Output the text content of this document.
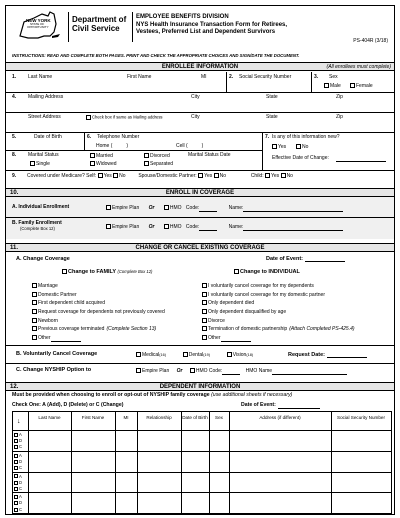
NEW YORK
STATE OF
OPPORTUNITY
Department of
Civil Service
EMPLOYEE BENEFITS DIVISION
NYS Health Insurance Transaction Form for Retirees,
Vestees, Preferred List and Dependent Survivors
PS-404R (3/18)
INSTRUCTIONS: READ AND COMPLETE BOTH PAGES. PRINT AND CHECK THE APPROPRIATE CHOICES AND SIGN/DATE THE DOCUMENT.
ENROLLEE INFORMATION	(All enrollees must complete)
1. Last Name	First Name	MI	2. Social Security Number	3. Sex
Male	Female
4. Mailing Address	City	State	Zip
Street Address	Check box if same as Mailing address	City	State	Zip
5.	Date of Birth	6. Telephone Number
Home (	)	Cell (	)
7. Is any of this information new?
Yes	No
Effective Date of Change:
8. Marital Status
Single
Married
Widowed
Divorced
Separated
Marital Status Date
9. Covered under Medicare? Self: Yes No	Spouse/Domestic Partner: Yes No	Child: Yes No
10.	ENROLL IN COVERAGE
A. Individual Enrollment	Empire Plan Or	HMO Code:	Name:
B. Family Enrollment
(Complete Box 12)	Empire Plan Or	HMO Code:	Name:
11.	CHANGE OR CANCEL EXISTING COVERAGE
A. Change Coverage	Date of Event:
Change to FAMILY (Complete Box 12)	Change to INDIVIDUAL
Marriage
Domestic Partner
First dependent child acquired
Request coverage for dependents not previously covered
Newborn
Previous coverage terminated (Complete Section 13)
Other
I voluntarily cancel coverage for my dependents
I voluntarily cancel coverage for my domestic partner
Only dependent died
Only dependent disqualified by age
Divorce
Termination of domestic partnership (Attach Completed PS-425.4)
Other
B. Voluntarily Cancel Coverage	Medical(16)	Dental(19)	Vision(18)	Request Date:
C. Change NYSHIP Option to	Empire Plan Or	HMO Code:	HMO Name
12.	DEPENDENT INFORMATION
Must be provided when choosing to enroll or opt-out of NYSHIP family coverage (use additional sheets if necessary)
Check One: A (Add), D (Delete) or C (Change)	Date of Event:
Last Name	First Name	MI	Relationship	Date of Birth	Sex	Address (if different)	Social Security Number
↓
A
D
C
A
D
C
A
D
C
A
D
C
